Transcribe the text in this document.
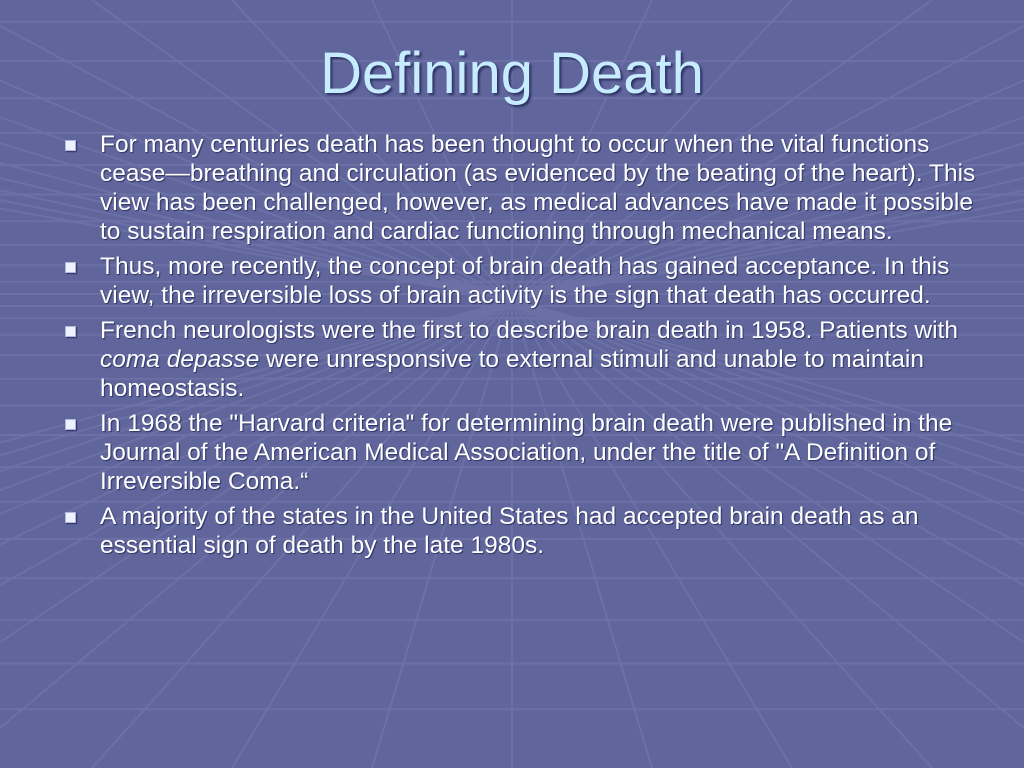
Defining Death
For many centuries death has been thought to occur when the vital functions cease—breathing and circulation (as evidenced by the beating of the heart). This view has been challenged, however, as medical advances have made it possible to sustain respiration and cardiac functioning through mechanical means.
Thus, more recently, the concept of brain death has gained acceptance. In this view, the irreversible loss of brain activity is the sign that death has occurred.
French neurologists were the first to describe brain death in 1958. Patients with coma depasse were unresponsive to external stimuli and unable to maintain homeostasis.
In 1968 the "Harvard criteria" for determining brain death were published in the Journal of the American Medical Association, under the title of "A Definition of Irreversible Coma.“
A majority of the states in the United States had accepted brain death as an essential sign of death by the late 1980s.
